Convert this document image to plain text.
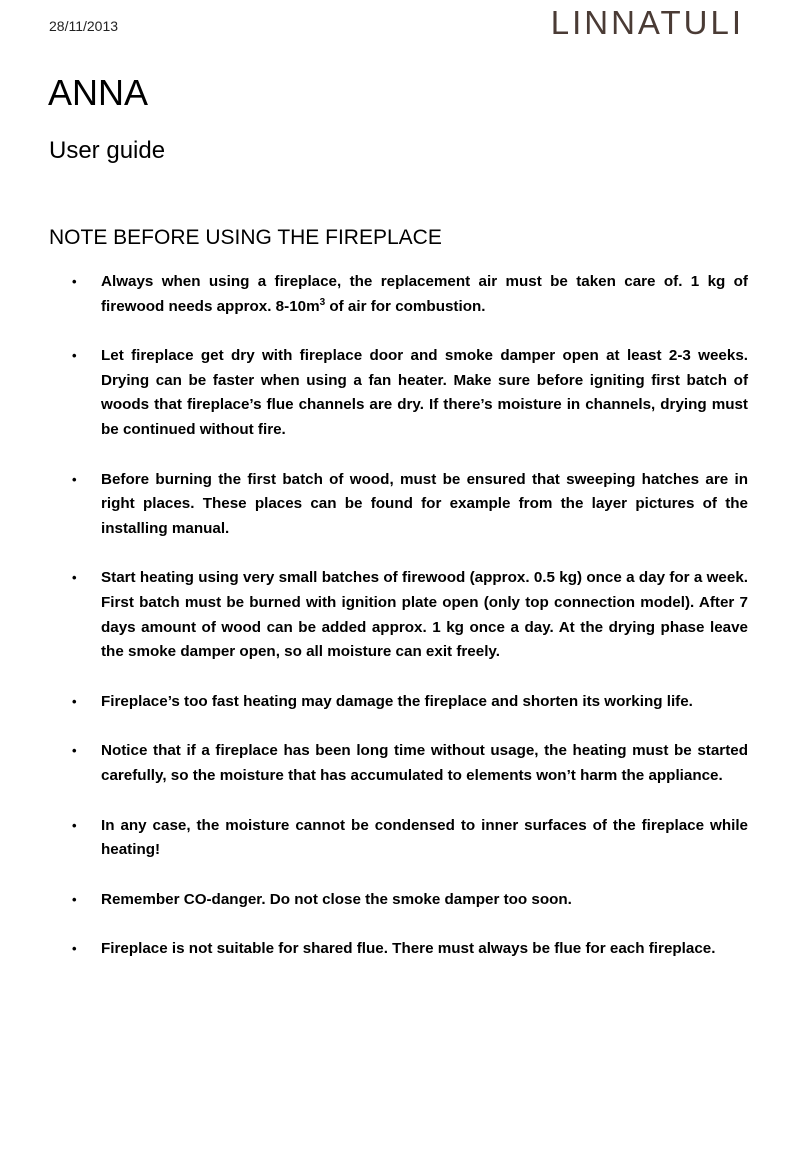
28/11/2013	LINNATULI
ANNA
User guide
NOTE BEFORE USING THE FIREPLACE
• Always when using a fireplace, the replacement air must be taken care of. 1 kg of firewood needs approx. $8-10m^3$ of air for combustion.
• Let fireplace get dry with fireplace door and smoke damper open at least 2-3 weeks. Drying can be faster when using a fan heater. Make sure before igniting first batch of woods that fireplace’s flue channels are dry. If there’s moisture in channels, drying must be continued without fire.
• Before burning the first batch of wood, must be ensured that sweeping hatches are in right places. These places can be found for example from the layer pictures of the installing manual.
• Start heating using very small batches of firewood (approx. 0.5 kg) once a day for a week. First batch must be burned with ignition plate open (only top connection model). After 7 days amount of wood can be added approx. 1 kg once a day. At the drying phase leave the smoke damper open, so all moisture can exit freely.
• Fireplace’s too fast heating may damage the fireplace and shorten its working life.
• Notice that if a fireplace has been long time without usage, the heating must be started carefully, so the moisture that has accumulated to elements won’t harm the appliance.
• In any case, the moisture cannot be condensed to inner surfaces of the fireplace while heating!
• Remember CO-danger. Do not close the smoke damper too soon.
• Fireplace is not suitable for shared flue. There must always be flue for each fireplace.
